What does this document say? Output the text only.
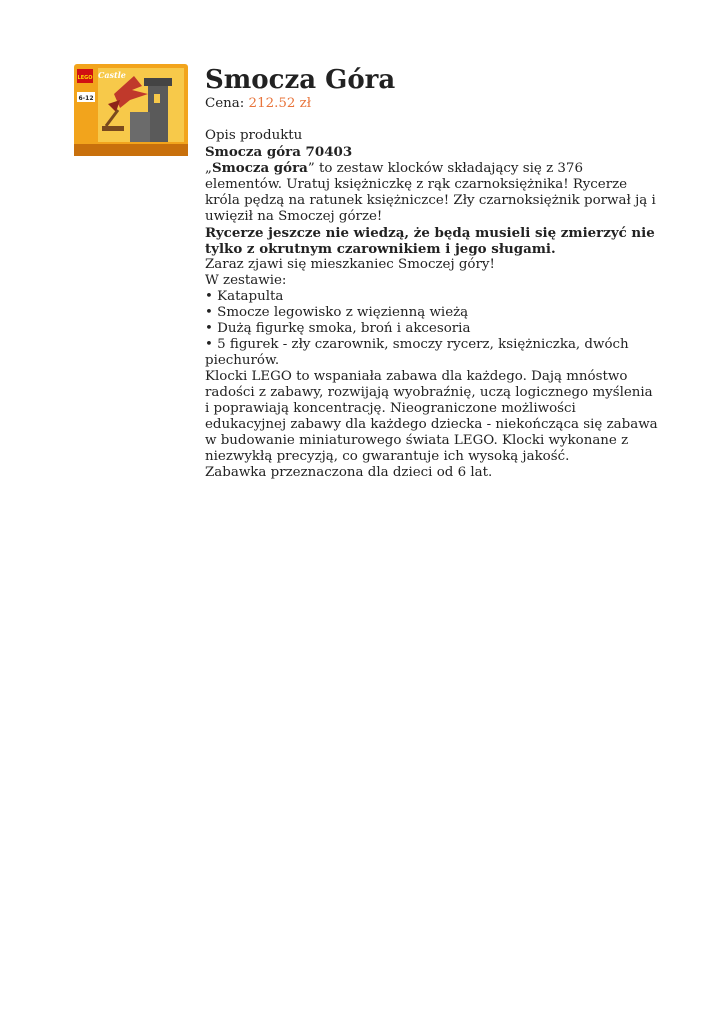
LEGO Castle
6-12
Smocza Góra

Cena: 212.52 zł

Opis produktu

Smocza góra 70403

„Smocza góra” to zestaw klocków składający się z 376 elementów. Uratuj księżniczkę z rąk czarnoksiężnika! Rycerze króla pędzą na ratunek księżniczce! Zły czarnoksiężnik porwał ją i uwięził na Smoczej górze!

Rycerze jeszcze nie wiedzą, że będą musieli się zmierzyć nie tylko z okrutnym czarownikiem i jego sługami.

Zaraz zjawi się mieszkaniec Smoczej góry!

W zestawie:

• Katapulta
• Smocze legowisko z więzienną wieżą
• Dużą figurkę smoka, broń i akcesoria
• 5 figurek - zły czarownik, smoczy rycerz, księżniczka, dwóch piechurów.

Klocki LEGO to wspaniała zabawa dla każdego. Dają mnóstwo radości z zabawy, rozwijają wyobraźnię, uczą logicznego myślenia i poprawiają koncentrację. Nieograniczone możliwości edukacyjnej zabawy dla każdego dziecka - niekończąca się zabawa w budowanie miniaturowego świata LEGO. Klocki wykonane z niezwykłą precyzją, co gwarantuje ich wysoką jakość.

Zabawka przeznaczona dla dzieci od 6 lat.
